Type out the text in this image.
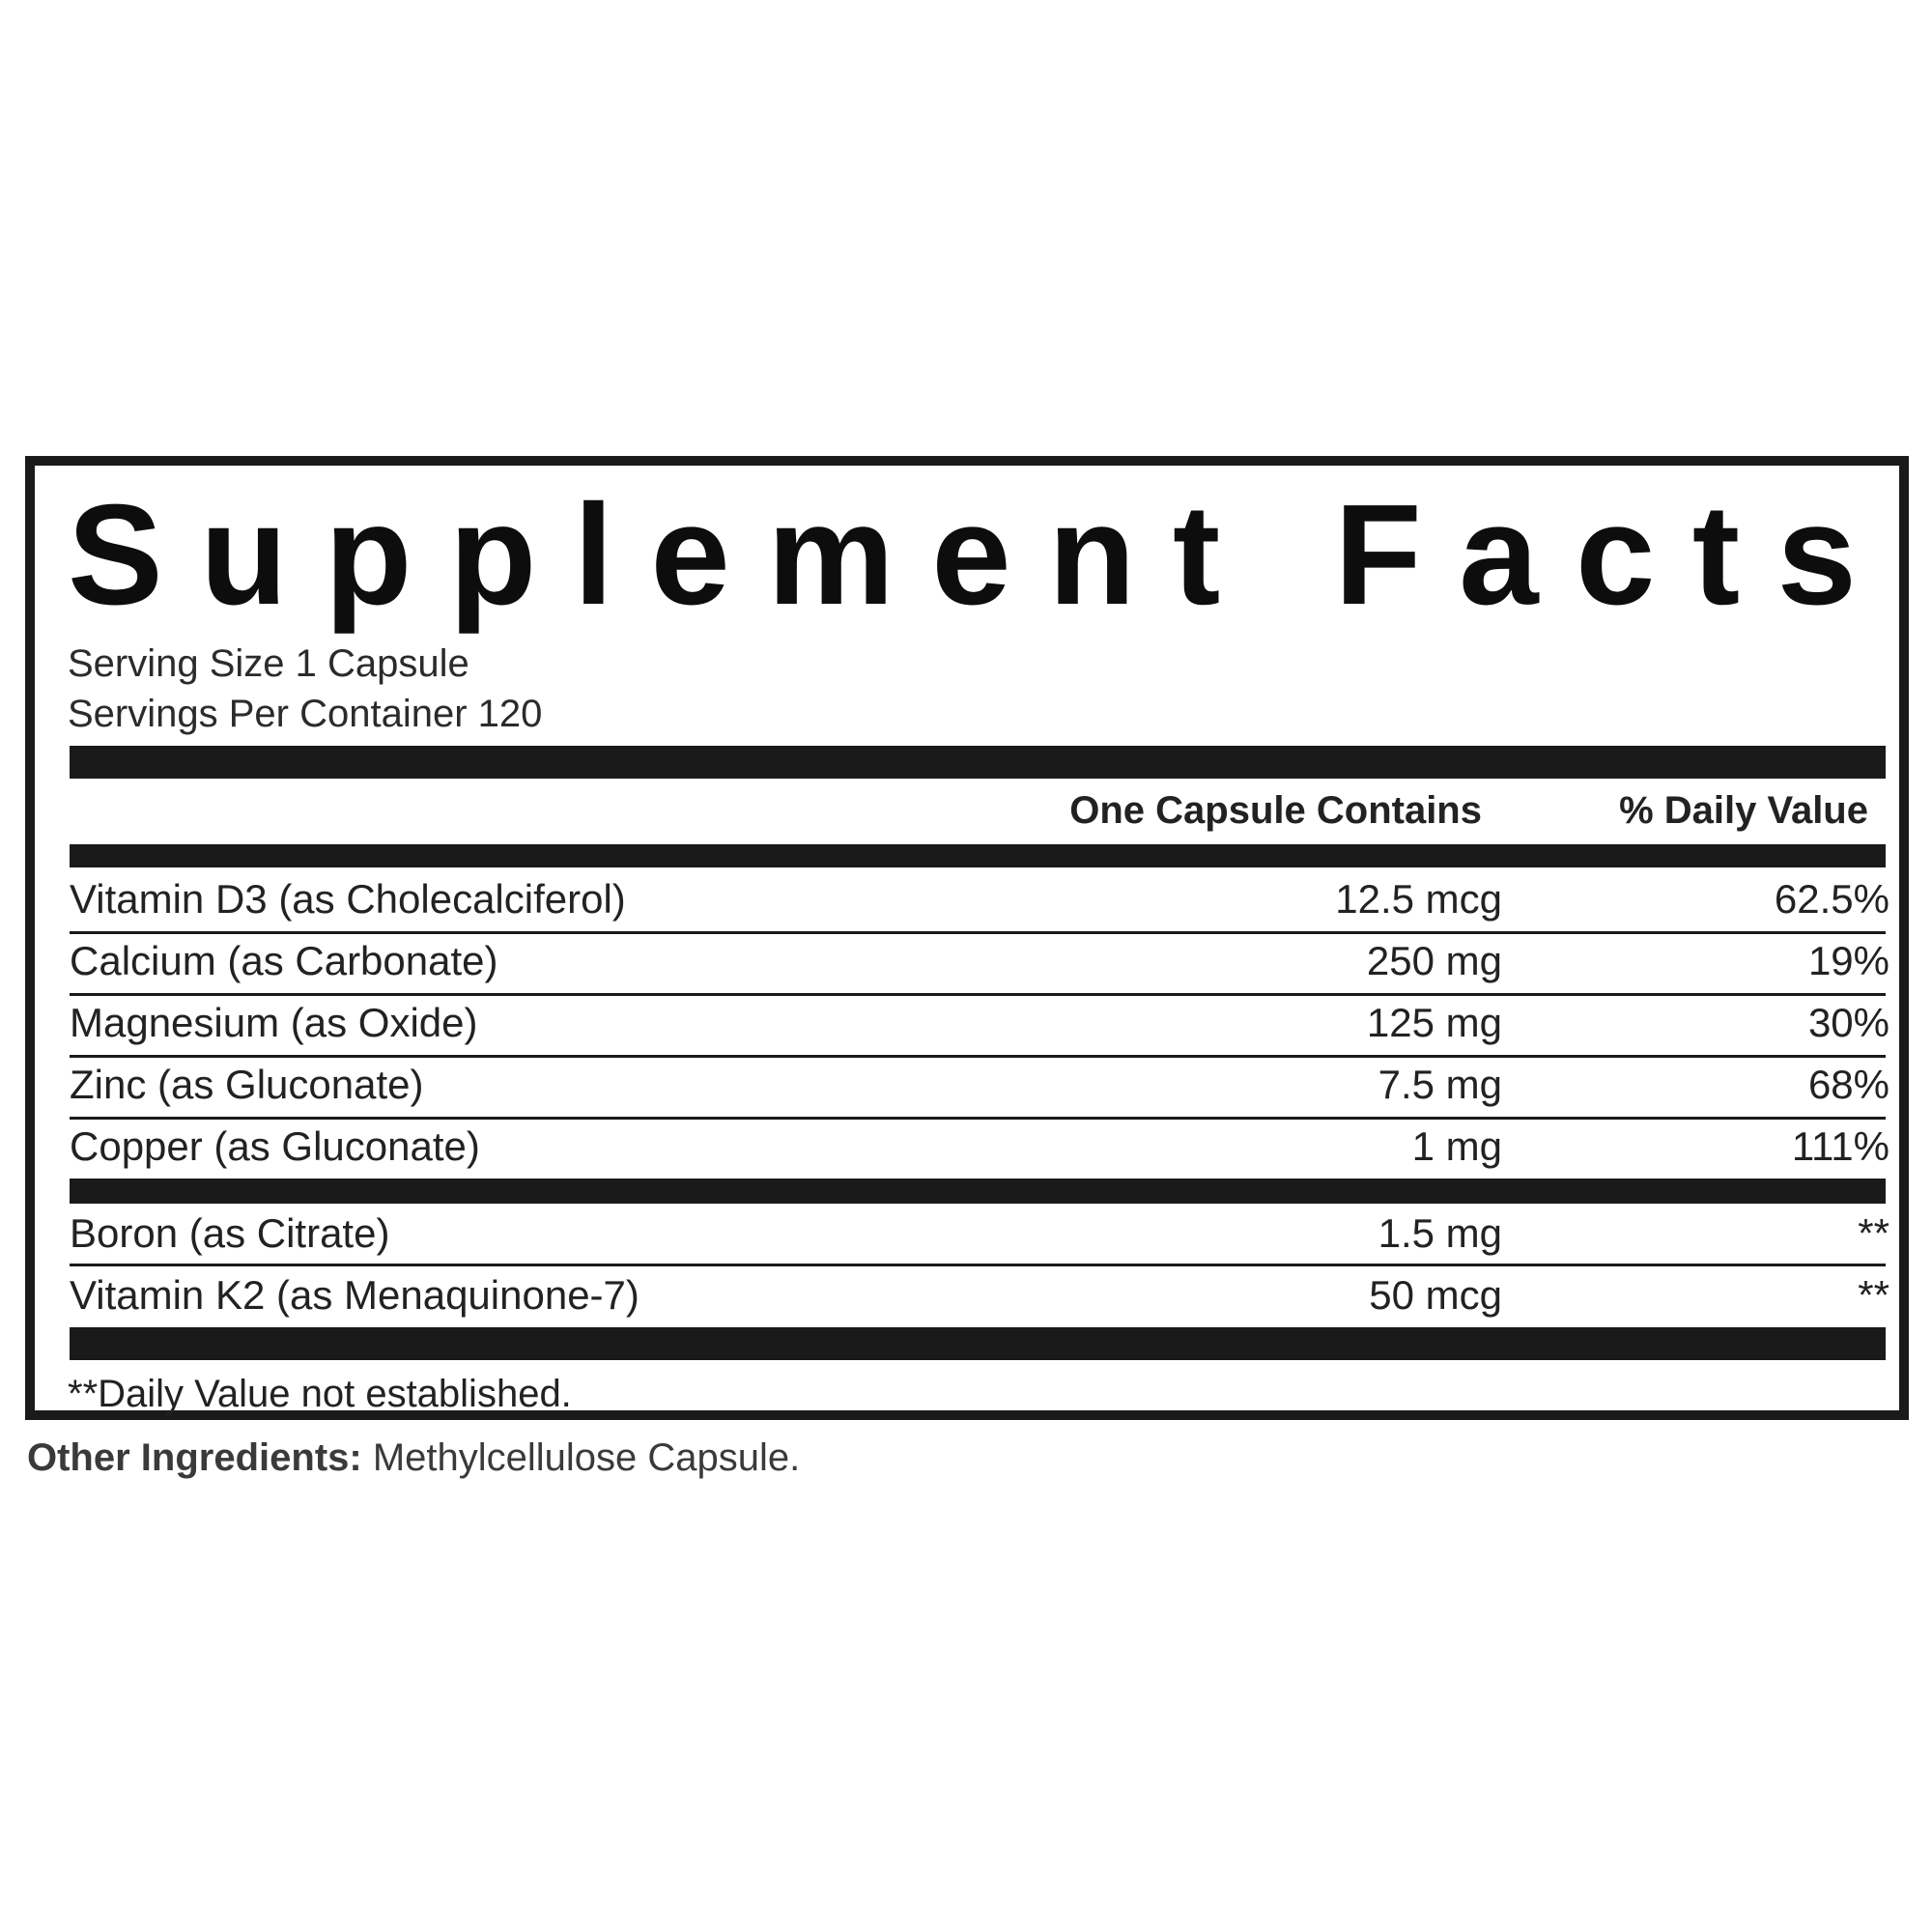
Supplement Facts
Serving Size 1 Capsule
Servings Per Container 120
One Capsule Contains	% Daily Value
Vitamin D3 (as Cholecalciferol)	12.5 mcg	62.5%
Calcium (as Carbonate)	250 mg	19%
Magnesium (as Oxide)	125 mg	30%
Zinc (as Gluconate)	7.5 mg	68%
Copper (as Gluconate)	1 mg	111%
Boron (as Citrate)	1.5 mg	**
Vitamin K2 (as Menaquinone-7)	50 mcg	**
**Daily Value not established.
Other Ingredients: Methylcellulose Capsule.
